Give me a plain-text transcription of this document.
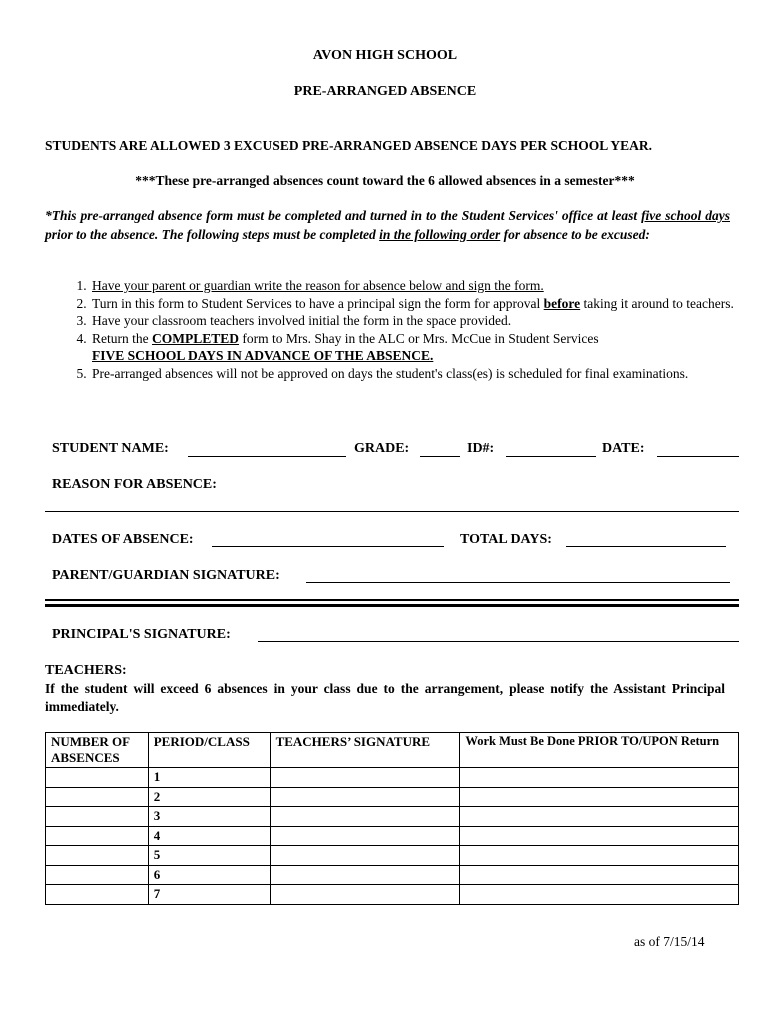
AVON HIGH SCHOOL
PRE-ARRANGED ABSENCE
STUDENTS ARE ALLOWED 3 EXCUSED PRE-ARRANGED ABSENCE DAYS PER SCHOOL YEAR.
***These pre-arranged absences count toward the 6 allowed absences in a semester***
*This pre-arranged absence form must be completed and turned in to the Student Services' office at least five school days prior to the absence. The following steps must be completed in the following order for absence to be excused:
1. Have your parent or guardian write the reason for absence below and sign the form.
2. Turn in this form to Student Services to have a principal sign the form for approval before taking it around to teachers.
3. Have your classroom teachers involved initial the form in the space provided.
4. Return the COMPLETED form to Mrs. Shay in the ALC or Mrs. McCue in Student Services
FIVE SCHOOL DAYS IN ADVANCE OF THE ABSENCE.
5. Pre-arranged absences will not be approved on days the student's class(es) is scheduled for final examinations.
STUDENT NAME:	GRADE:	ID#:	DATE:
REASON FOR ABSENCE:
DATES OF ABSENCE:	TOTAL DAYS:
PARENT/GUARDIAN SIGNATURE:
PRINCIPAL'S SIGNATURE:
TEACHERS:
If the student will exceed 6 absences in your class due to the arrangement, please notify the Assistant Principal immediately.
NUMBER OF ABSENCES	PERIOD/CLASS	TEACHERS’ SIGNATURE	Work Must Be Done PRIOR TO/UPON Return
	1		
	2		
	3		
	4		
	5		
	6		
	7		
as of 7/15/14
